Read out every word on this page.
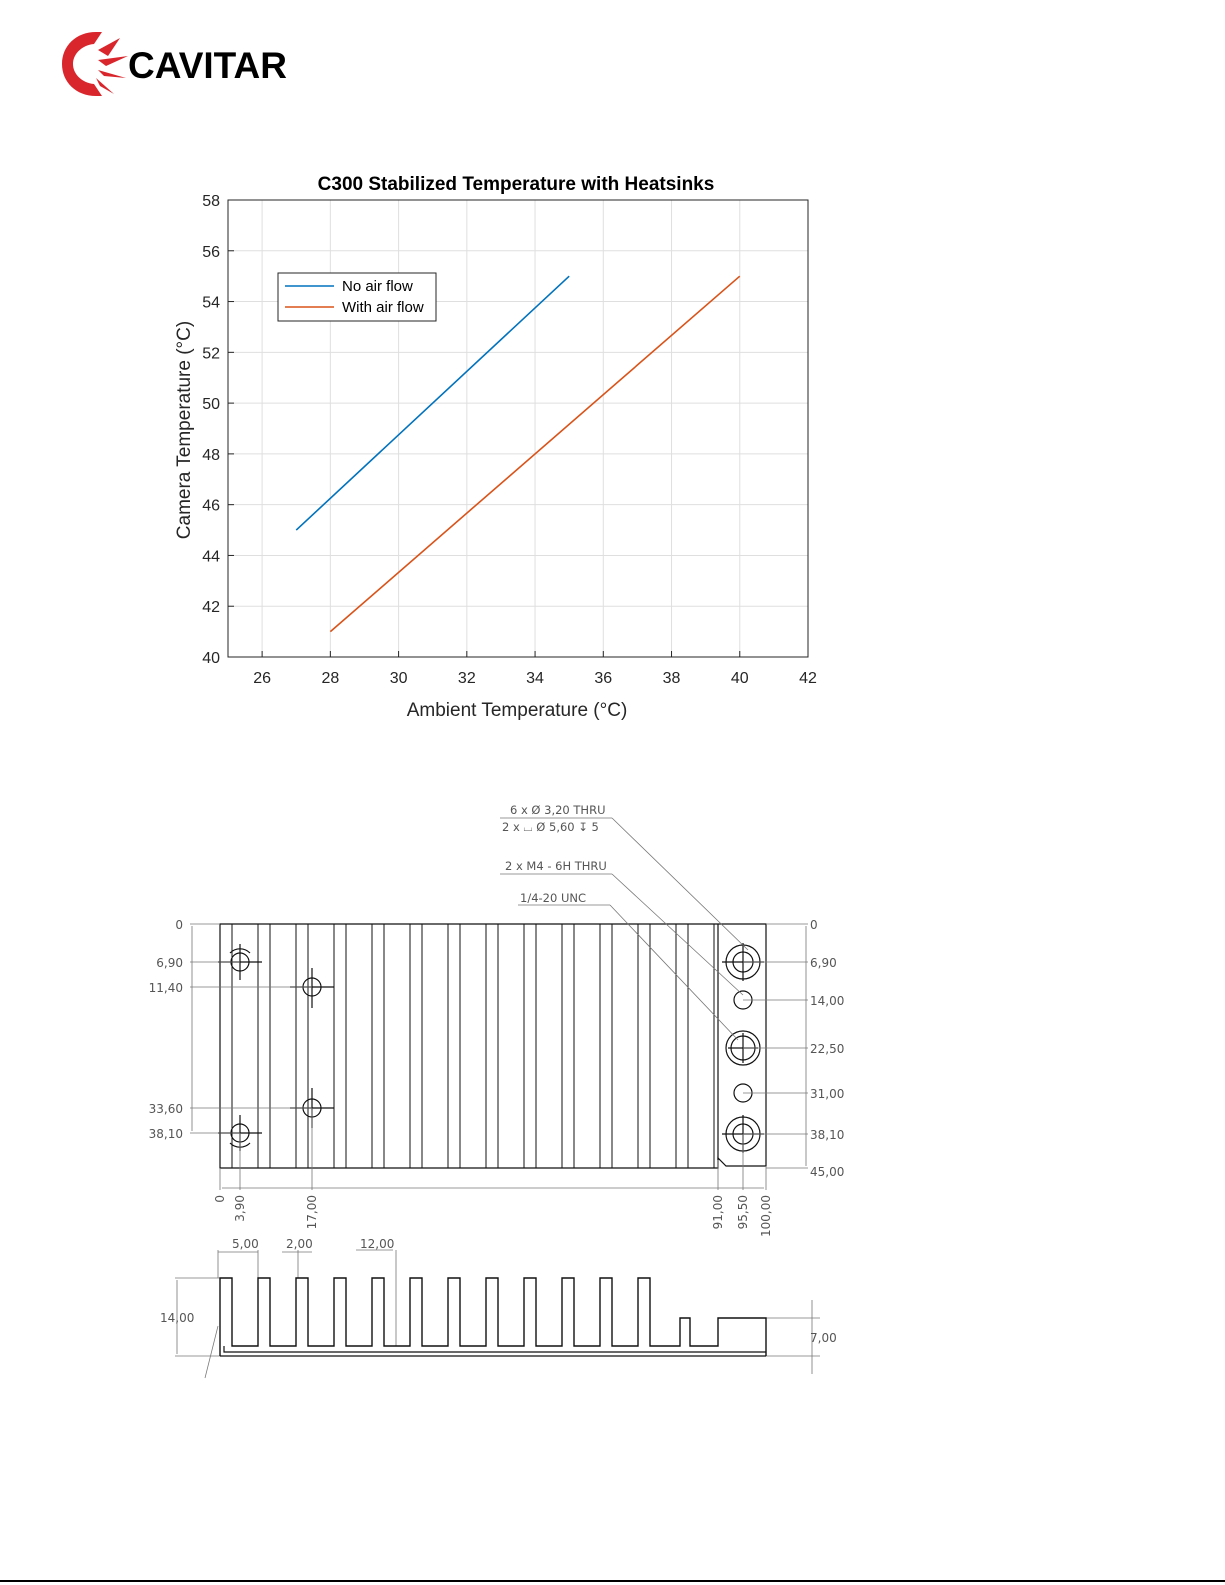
CAVITAR
C300 Stabilized Temperature with Heatsinks
26	28	30	32	34	36	38	40	42
40
42
44
46
48
50
52
54
56
58
Ambient Temperature (°C)
Camera Temperature (°C)
No air flow
With air flow
6 x Ø 3,20 THRU
2 x ⌴ Ø 5,60 ↧ 5
2 x M4 - 6H THRU
1/4-20 UNC
0
6,90
11,40
33,60
38,10
0
6,90
14,00
22,50
31,00
38,10
45,00
0 3,90	17,00	91,00 95,50 100,00
5,00 2,00	12,00
14,00
7,00
